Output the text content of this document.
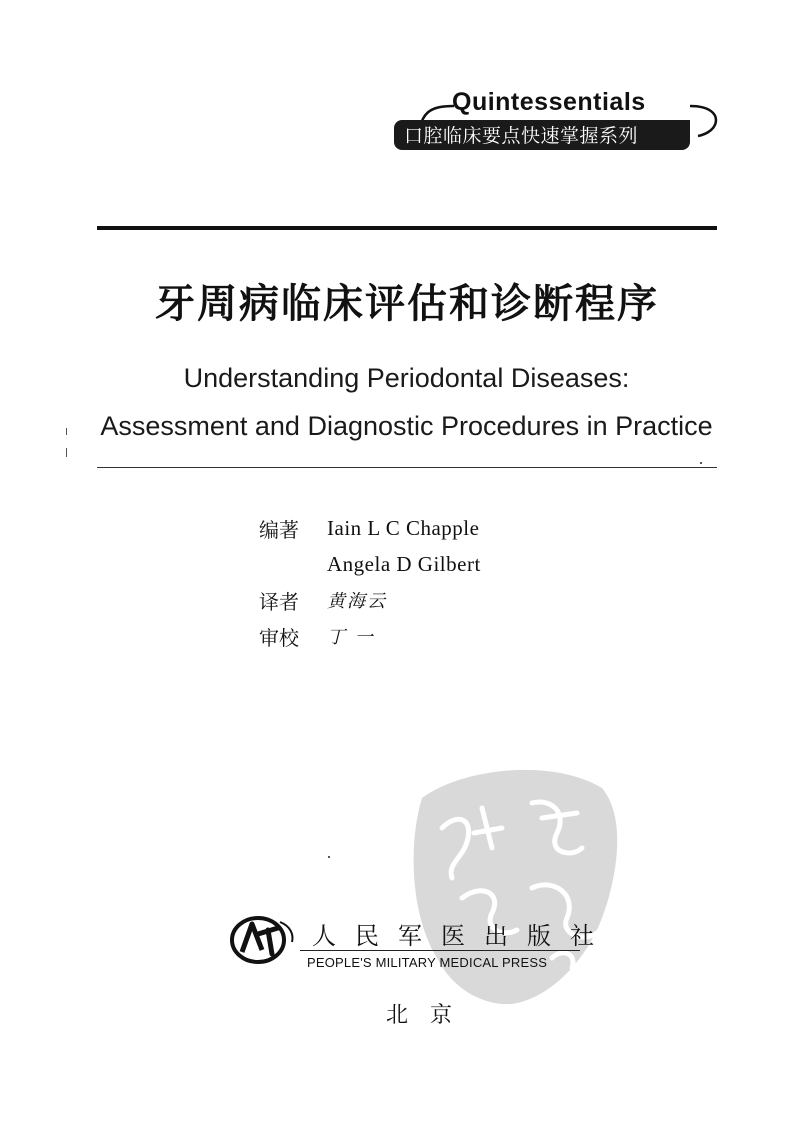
Quintessentials
口腔临床要点快速掌握系列
牙周病临床评估和诊断程序
Understanding Periodontal Diseases:
Assessment and Diagnostic Procedures in Practice
编著	Iain L C Chapple
Angela D Gilbert
译者	黄海云
审校	丁 一
人民军医出版社
PEOPLE'S MILITARY MEDICAL PRESS
北京
